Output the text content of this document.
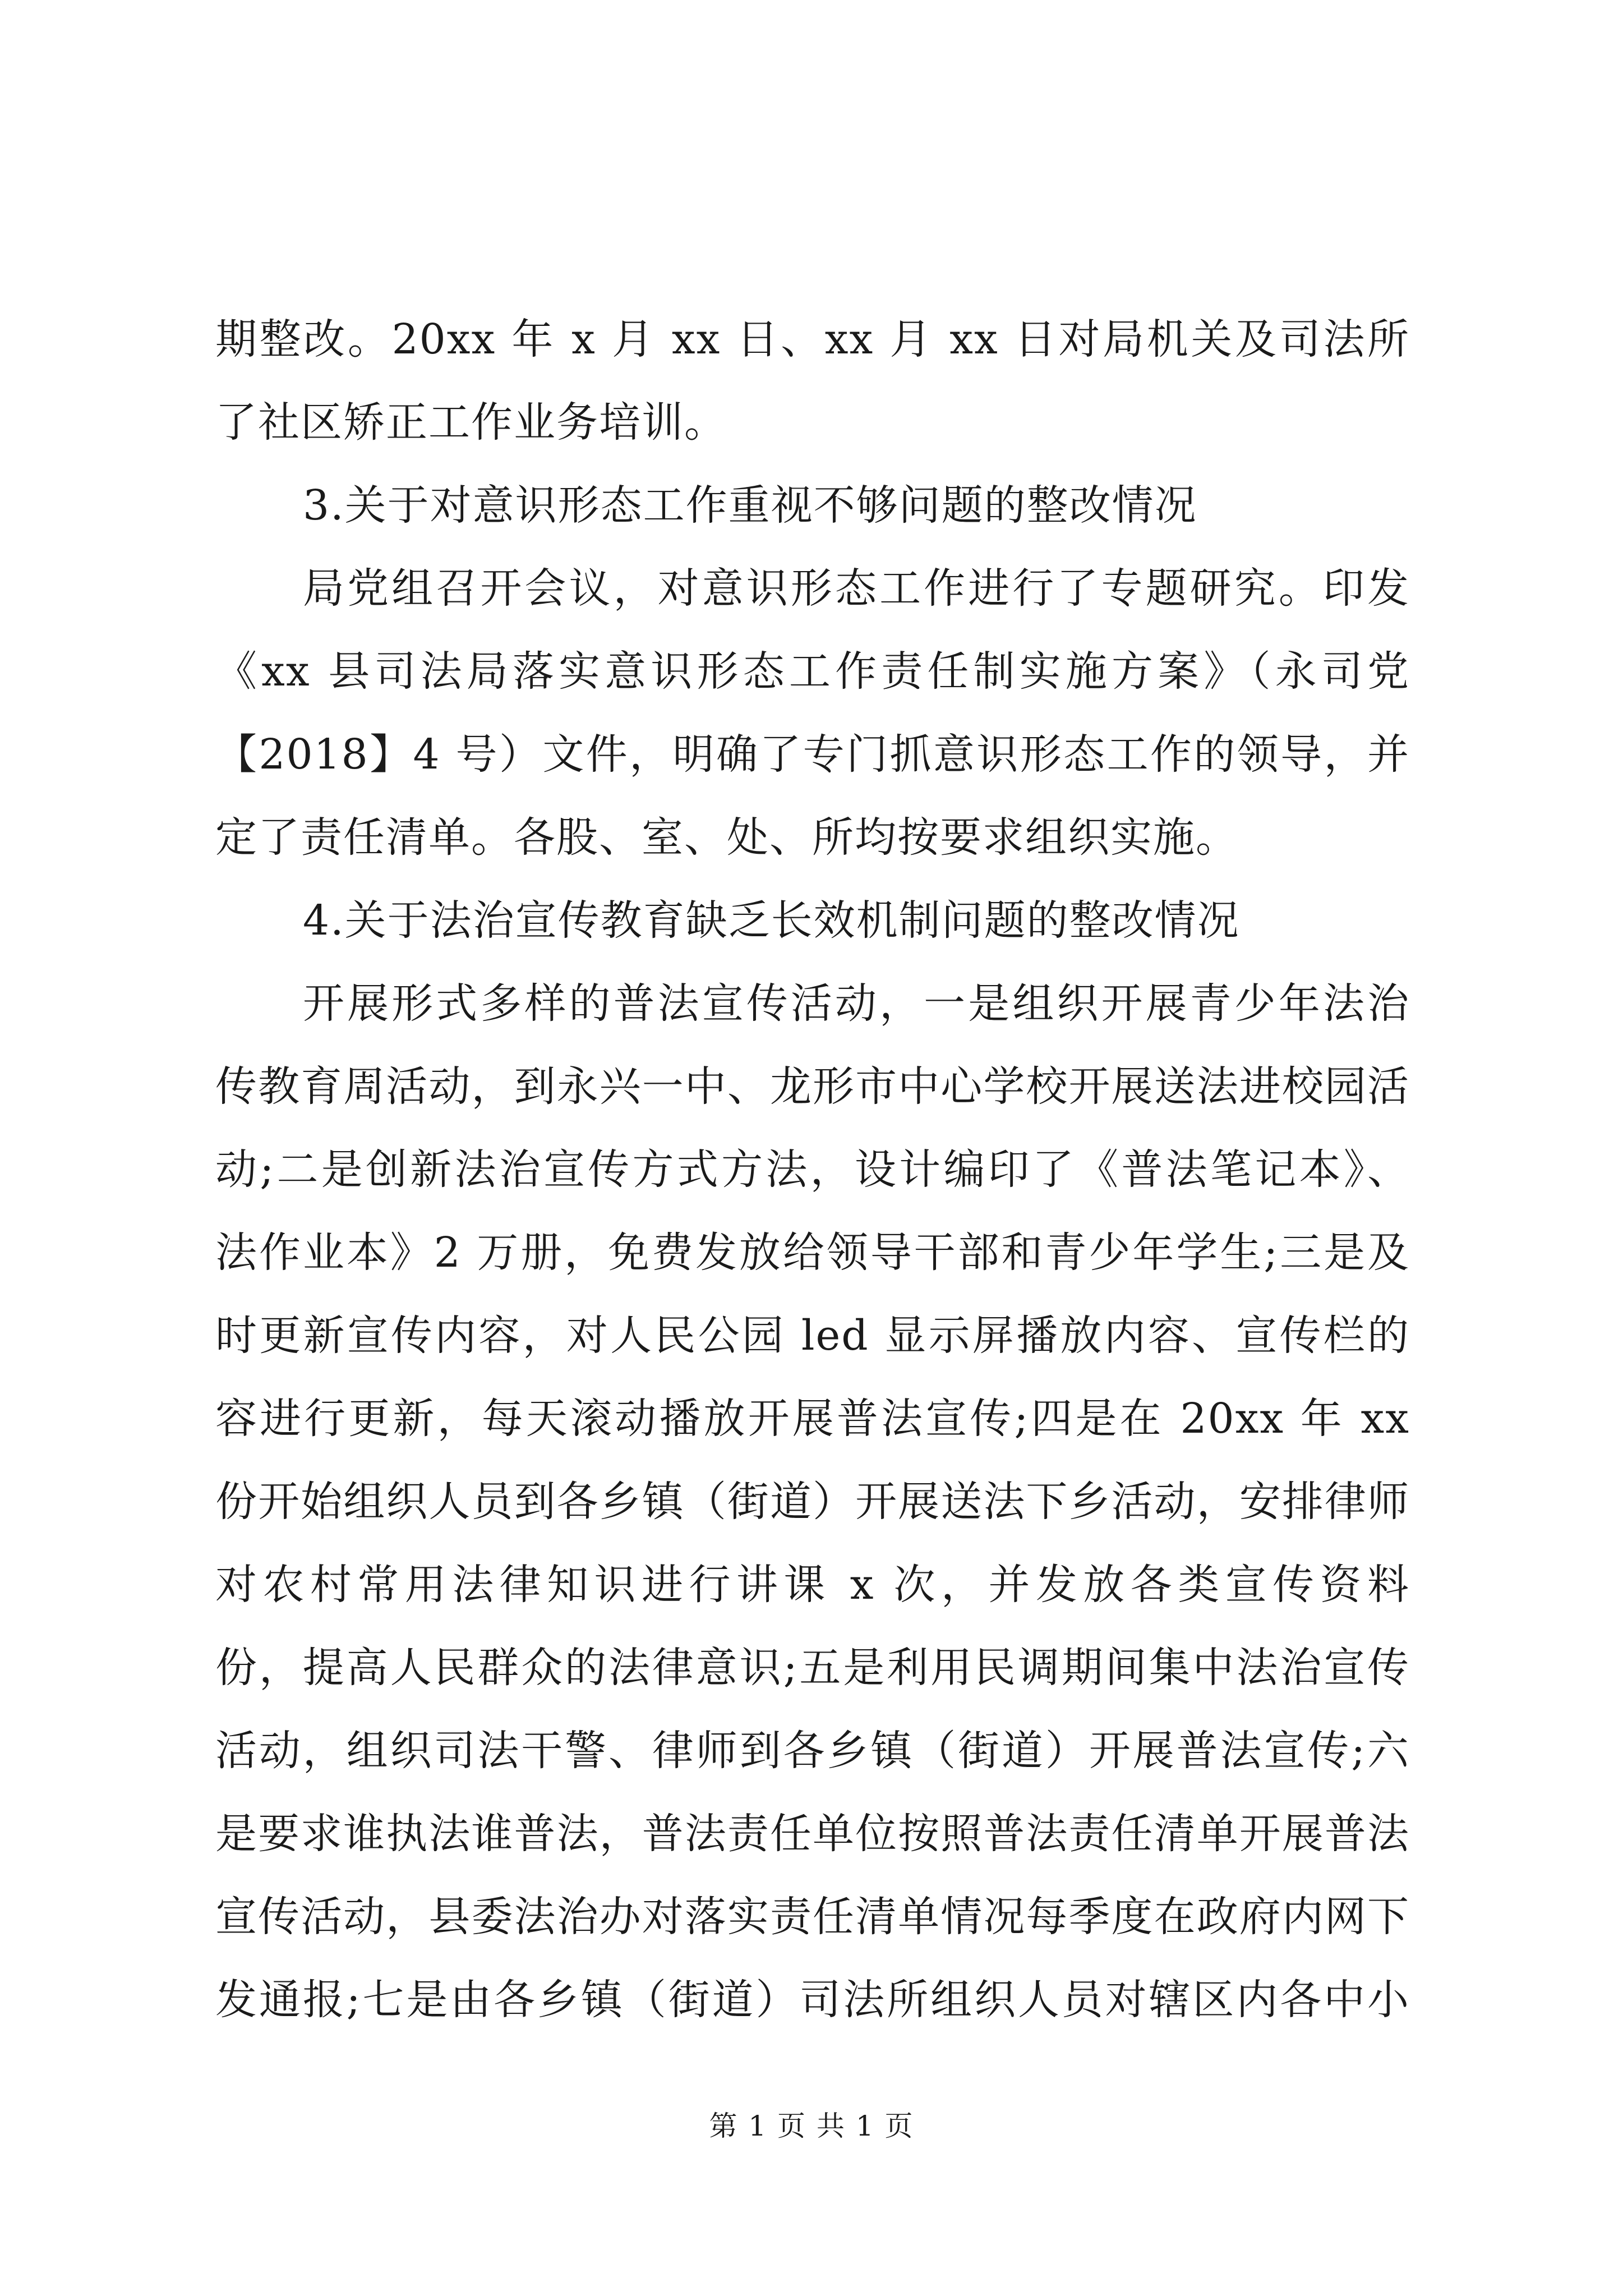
期整改。20xx 年 x 月 xx 日、xx 月 xx 日对局机关及司法所
了社区矫正工作业务培训。
3.关于对意识形态工作重视不够问题的整改情况
局党组召开会议，对意识形态工作进行了专题研究。印发
《xx 县司法局落实意识形态工作责任制实施方案》（永司党
【2018】4 号）文件，明确了专门抓意识形态工作的领导，并
定了责任清单。各股、室、处、所均按要求组织实施。
4.关于法治宣传教育缺乏长效机制问题的整改情况
开展形式多样的普法宣传活动，一是组织开展青少年法治
传教育周活动，到永兴一中、龙形市中心学校开展送法进校园活
动;二是创新法治宣传方式方法，设计编印了《普法笔记本》、
法作业本》2 万册，免费发放给领导干部和青少年学生;三是及
时更新宣传内容，对人民公园 led 显示屏播放内容、宣传栏的
容进行更新，每天滚动播放开展普法宣传;四是在 20xx 年 xx
份开始组织人员到各乡镇（街道）开展送法下乡活动，安排律师
对农村常用法律知识进行讲课 x 次，并发放各类宣传资料
份，提高人民群众的法律意识;五是利用民调期间集中法治宣传
活动，组织司法干警、律师到各乡镇（街道）开展普法宣传;六
是要求谁执法谁普法，普法责任单位按照普法责任清单开展普法
宣传活动，县委法治办对落实责任清单情况每季度在政府内网下
发通报;七是由各乡镇（街道）司法所组织人员对辖区内各中小
第 1 页 共 1 页
